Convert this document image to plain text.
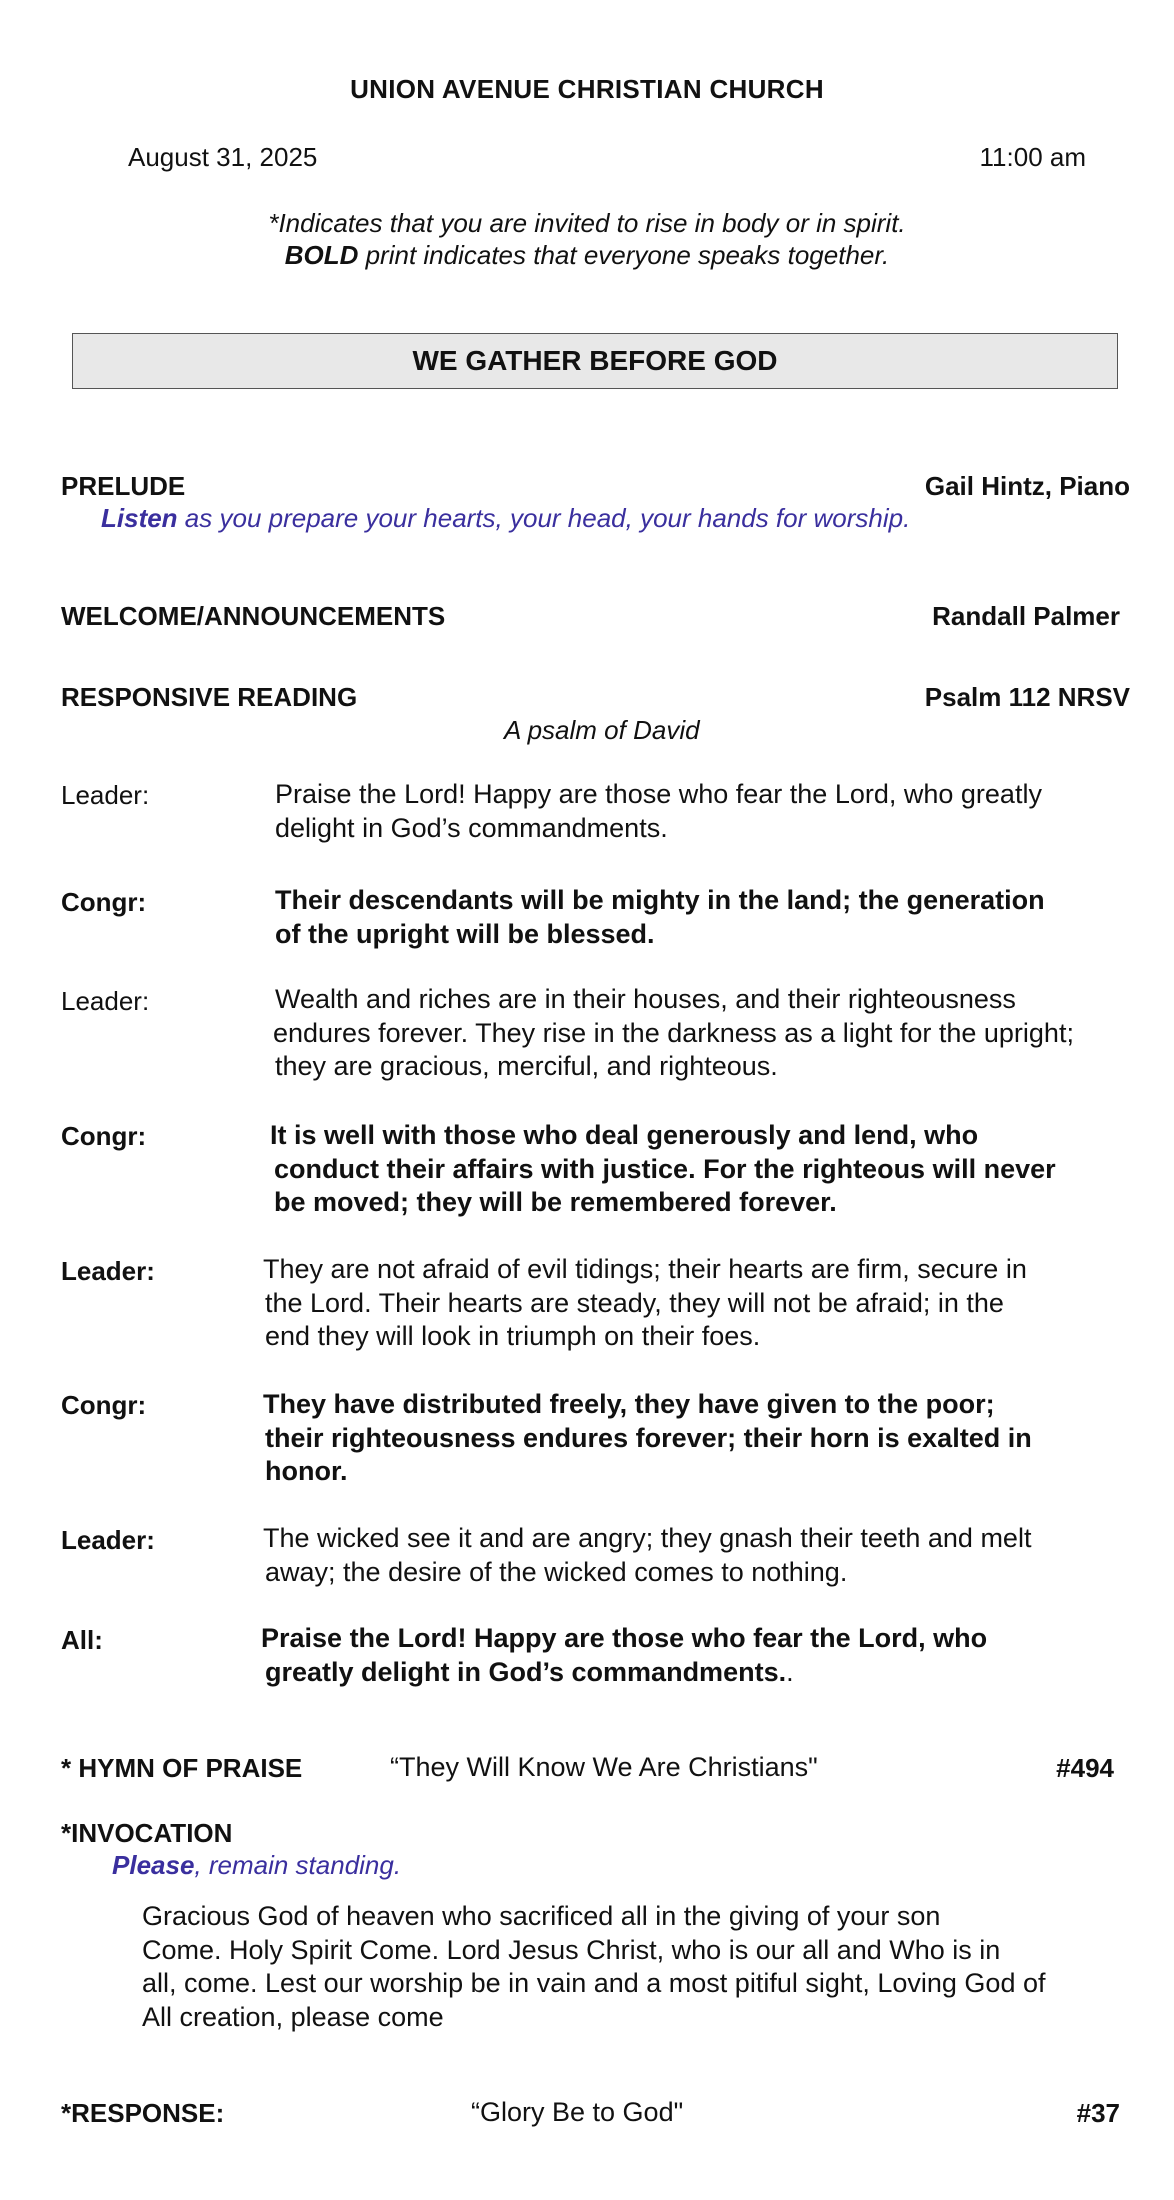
UNION AVENUE CHRISTIAN CHURCH
August 31, 2025	11:00 am
*Indicates that you are invited to rise in body or in spirit.
BOLD print indicates that everyone speaks together.
WE GATHER BEFORE GOD
PRELUDE	Gail Hintz, Piano
Listen as you prepare your hearts, your head, your hands for worship.
WELCOME/ANNOUNCEMENTS	Randall Palmer
RESPONSIVE READING	Psalm 112 NRSV
A psalm of David
Leader:	Praise the Lord! Happy are those who fear the Lord, who greatly
delight in God’s commandments.
Congr:	Their descendants will be mighty in the land; the generation
of the upright will be blessed.
Leader:	Wealth and riches are in their houses, and their righteousness
endures forever. They rise in the darkness as a light for the upright;
they are gracious, merciful, and righteous.
Congr:	It is well with those who deal generously and lend, who
conduct their affairs with justice. For the righteous will never
be moved; they will be remembered forever.
Leader:	They are not afraid of evil tidings; their hearts are firm, secure in
the Lord. Their hearts are steady, they will not be afraid; in the
end they will look in triumph on their foes.
Congr:	They have distributed freely, they have given to the poor;
their righteousness endures forever; their horn is exalted in
honor.
Leader:	The wicked see it and are angry; they gnash their teeth and melt
away; the desire of the wicked comes to nothing.
All:	Praise the Lord! Happy are those who fear the Lord, who
greatly delight in God’s commandments..
* HYMN OF PRAISE	“They Will Know We Are Christians"	#494
*INVOCATION
Please, remain standing.
Gracious God of heaven who sacrificed all in the giving of your son
Come. Holy Spirit Come. Lord Jesus Christ, who is our all and Who is in
all, come. Lest our worship be in vain and a most pitiful sight, Loving God of
All creation, please come
*RESPONSE:	“Glory Be to God"	#37
